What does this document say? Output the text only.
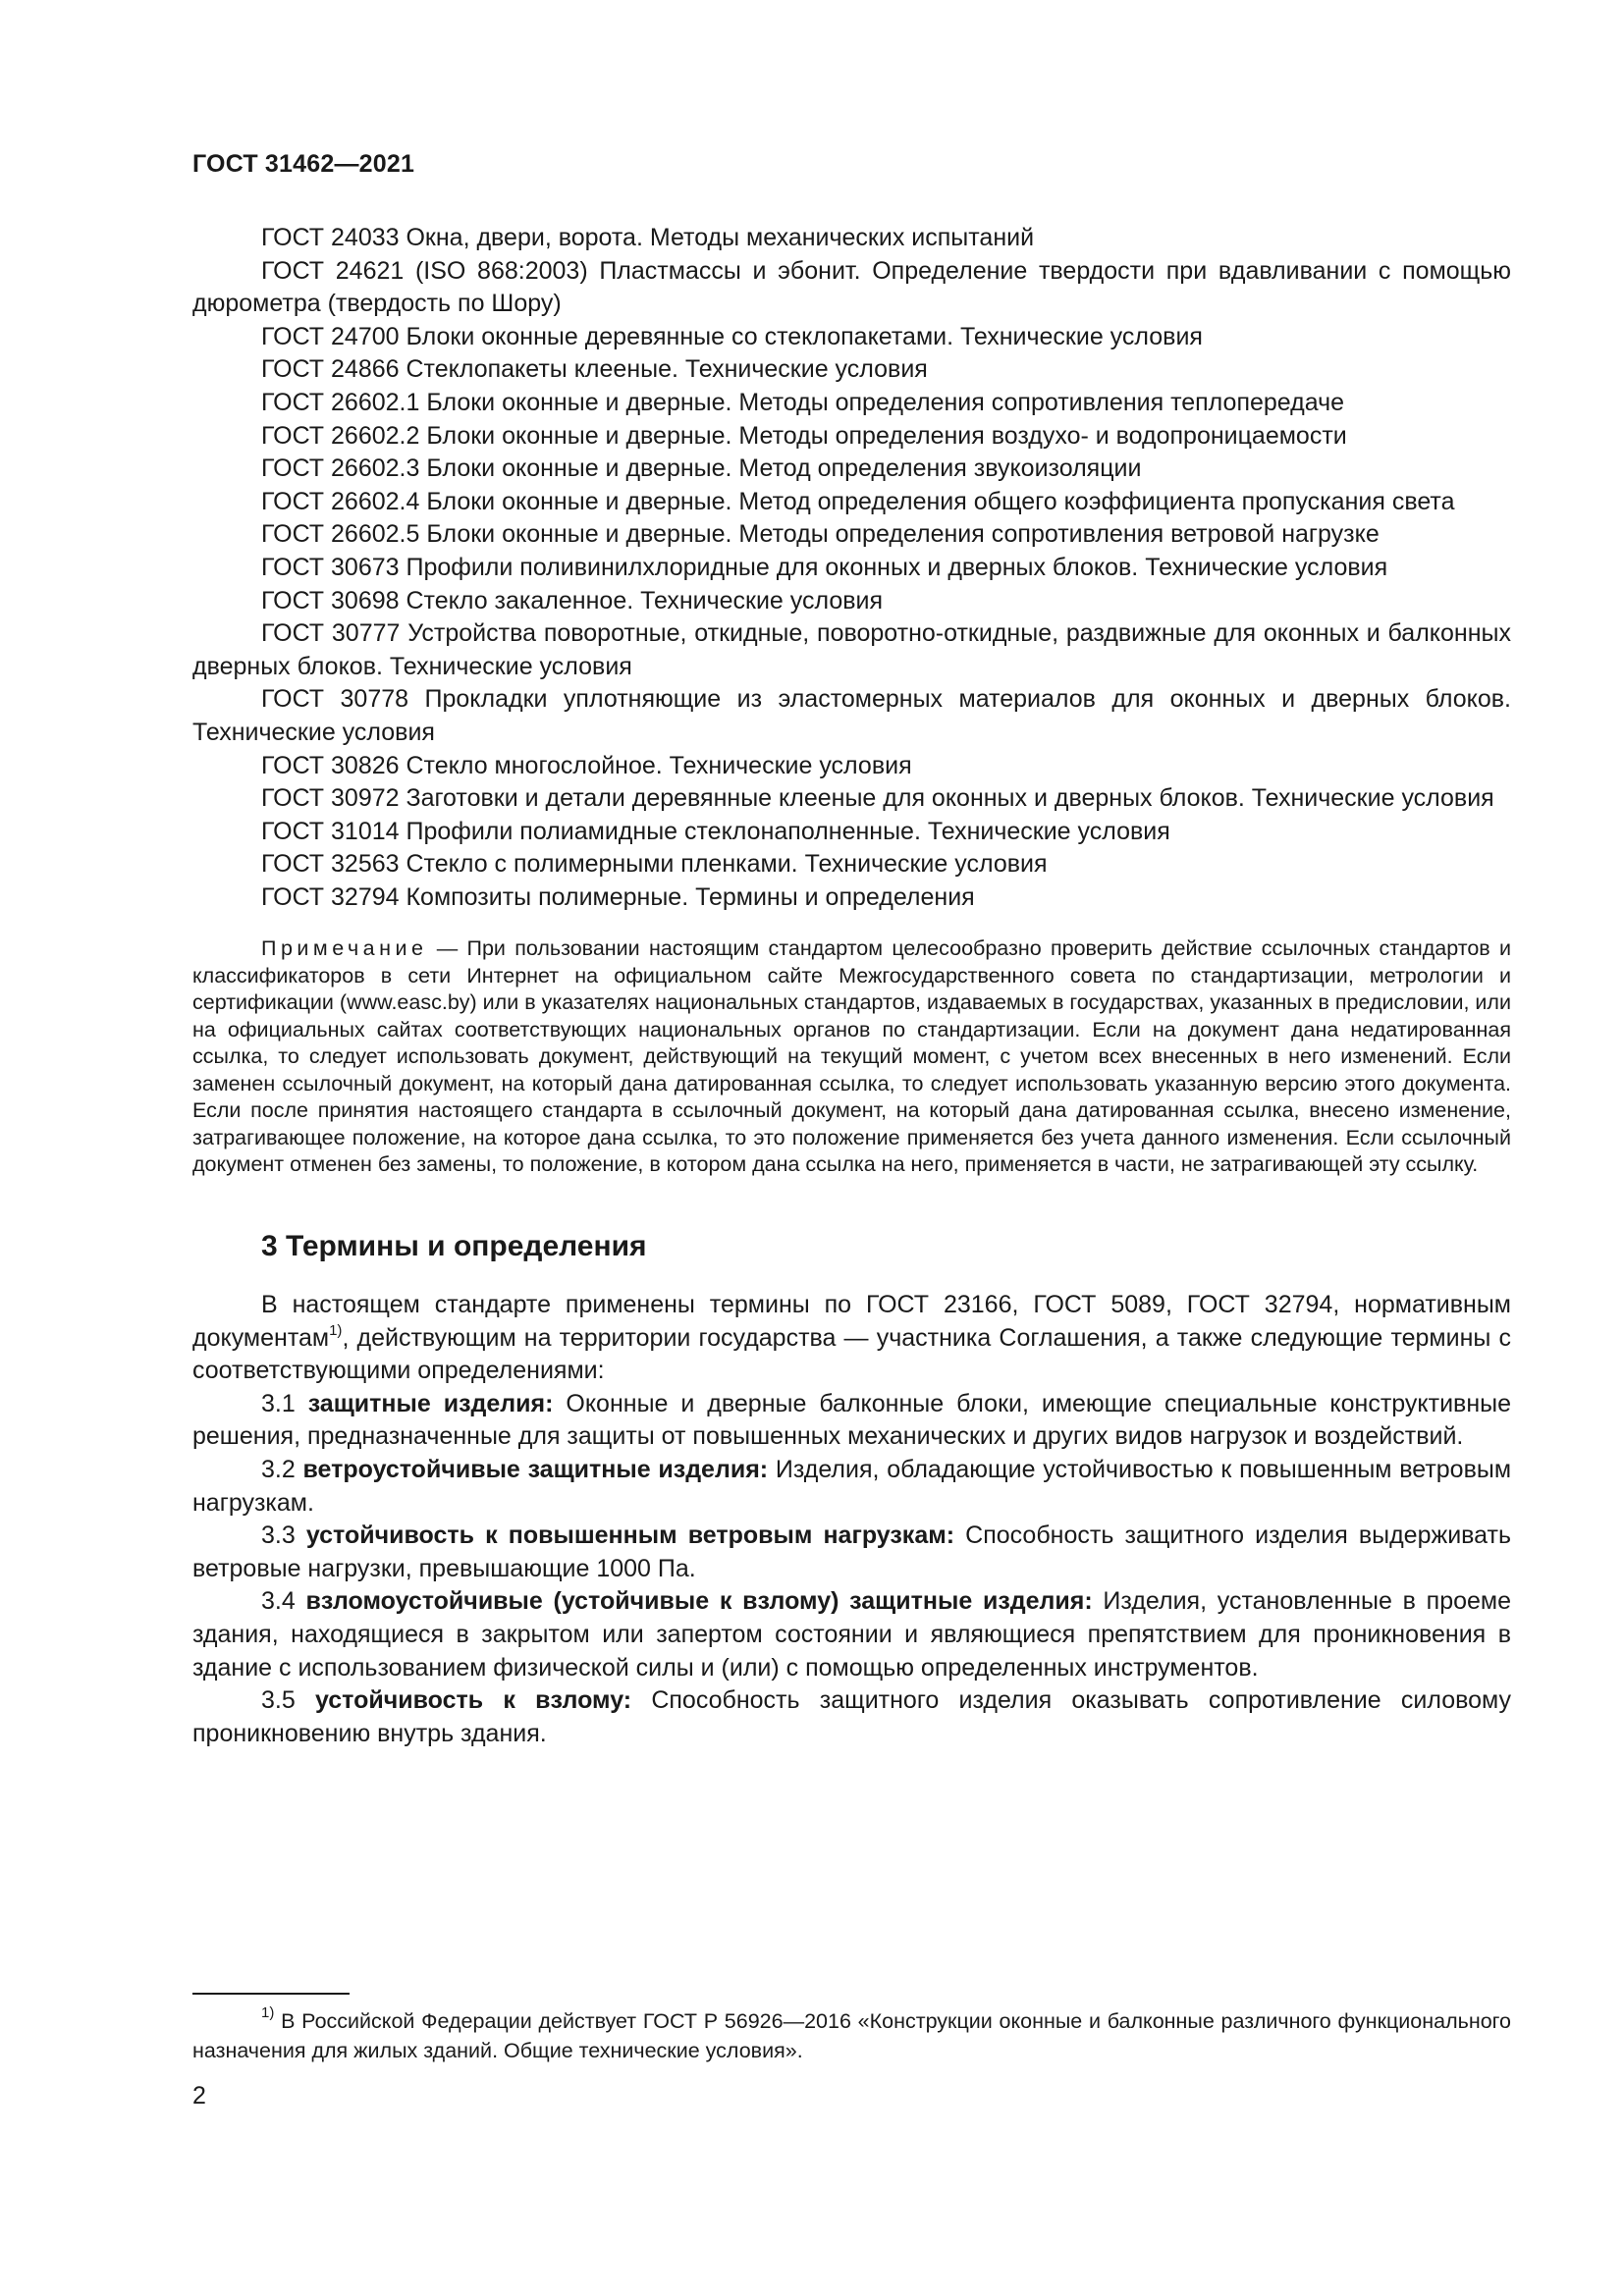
ГОСТ 31462—2021

ГОСТ 24033 Окна, двери, ворота. Методы механических испытаний

ГОСТ 24621 (ISO 868:2003) Пластмассы и эбонит. Определение твердости при вдавливании с помощью дюрометра (твердость по Шору)

ГОСТ 24700 Блоки оконные деревянные со стеклопакетами. Технические условия

ГОСТ 24866 Стеклопакеты клееные. Технические условия

ГОСТ 26602.1 Блоки оконные и дверные. Методы определения сопротивления теплопередаче

ГОСТ 26602.2 Блоки оконные и дверные. Методы определения воздухо- и водопроницаемости

ГОСТ 26602.3 Блоки оконные и дверные. Метод определения звукоизоляции

ГОСТ 26602.4 Блоки оконные и дверные. Метод определения общего коэффициента пропускания света

ГОСТ 26602.5 Блоки оконные и дверные. Методы определения сопротивления ветровой нагрузке

ГОСТ 30673 Профили поливинилхлоридные для оконных и дверных блоков. Технические условия

ГОСТ 30698 Стекло закаленное. Технические условия

ГОСТ 30777 Устройства поворотные, откидные, поворотно-откидные, раздвижные для оконных и балконных дверных блоков. Технические условия

ГОСТ 30778 Прокладки уплотняющие из эластомерных материалов для оконных и дверных блоков. Технические условия

ГОСТ 30826 Стекло многослойное. Технические условия

ГОСТ 30972 Заготовки и детали деревянные клееные для оконных и дверных блоков. Технические условия

ГОСТ 31014 Профили полиамидные стеклонаполненные. Технические условия

ГОСТ 32563 Стекло с полимерными пленками. Технические условия

ГОСТ 32794 Композиты полимерные. Термины и определения

Примечание — При пользовании настоящим стандартом целесообразно проверить действие ссылочных стандартов и классификаторов в сети Интернет на официальном сайте Межгосударственного совета по стандартизации, метрологии и сертификации (www.easc.by) или в указателях национальных стандартов, издаваемых в государствах, указанных в предисловии, или на официальных сайтах соответствующих национальных органов по стандартизации. Если на документ дана недатированная ссылка, то следует использовать документ, действующий на текущий момент, с учетом всех внесенных в него изменений. Если заменен ссылочный документ, на который дана датированная ссылка, то следует использовать указанную версию этого документа. Если после принятия настоящего стандарта в ссылочный документ, на который дана датированная ссылка, внесено изменение, затрагивающее положение, на которое дана ссылка, то это положение применяется без учета данного изменения. Если ссылочный документ отменен без замены, то положение, в котором дана ссылка на него, применяется в части, не затрагивающей эту ссылку.

3 Термины и определения

В настоящем стандарте применены термины по ГОСТ 23166, ГОСТ 5089, ГОСТ 32794, нормативным документам$^{1)}$, действующим на территории государства — участника Соглашения, а также следующие термины с соответствующими определениями:

3.1 защитные изделия: Оконные и дверные балконные блоки, имеющие специальные конструктивные решения, предназначенные для защиты от повышенных механических и других видов нагрузок и воздействий.

3.2 ветроустойчивые защитные изделия: Изделия, обладающие устойчивостью к повышенным ветровым нагрузкам.

3.3 устойчивость к повышенным ветровым нагрузкам: Способность защитного изделия выдерживать ветровые нагрузки, превышающие 1000 Па.

3.4 взломоустойчивые (устойчивые к взлому) защитные изделия: Изделия, установленные в проеме здания, находящиеся в закрытом или запертом состоянии и являющиеся препятствием для проникновения в здание с использованием физической силы и (или) с помощью определенных инструментов.

3.5 устойчивость к взлому: Способность защитного изделия оказывать сопротивление силовому проникновению внутрь здания.

$^{1)}$ В Российской Федерации действует ГОСТ Р 56926—2016 «Конструкции оконные и балконные различного функционального назначения для жилых зданий. Общие технические условия».

2
